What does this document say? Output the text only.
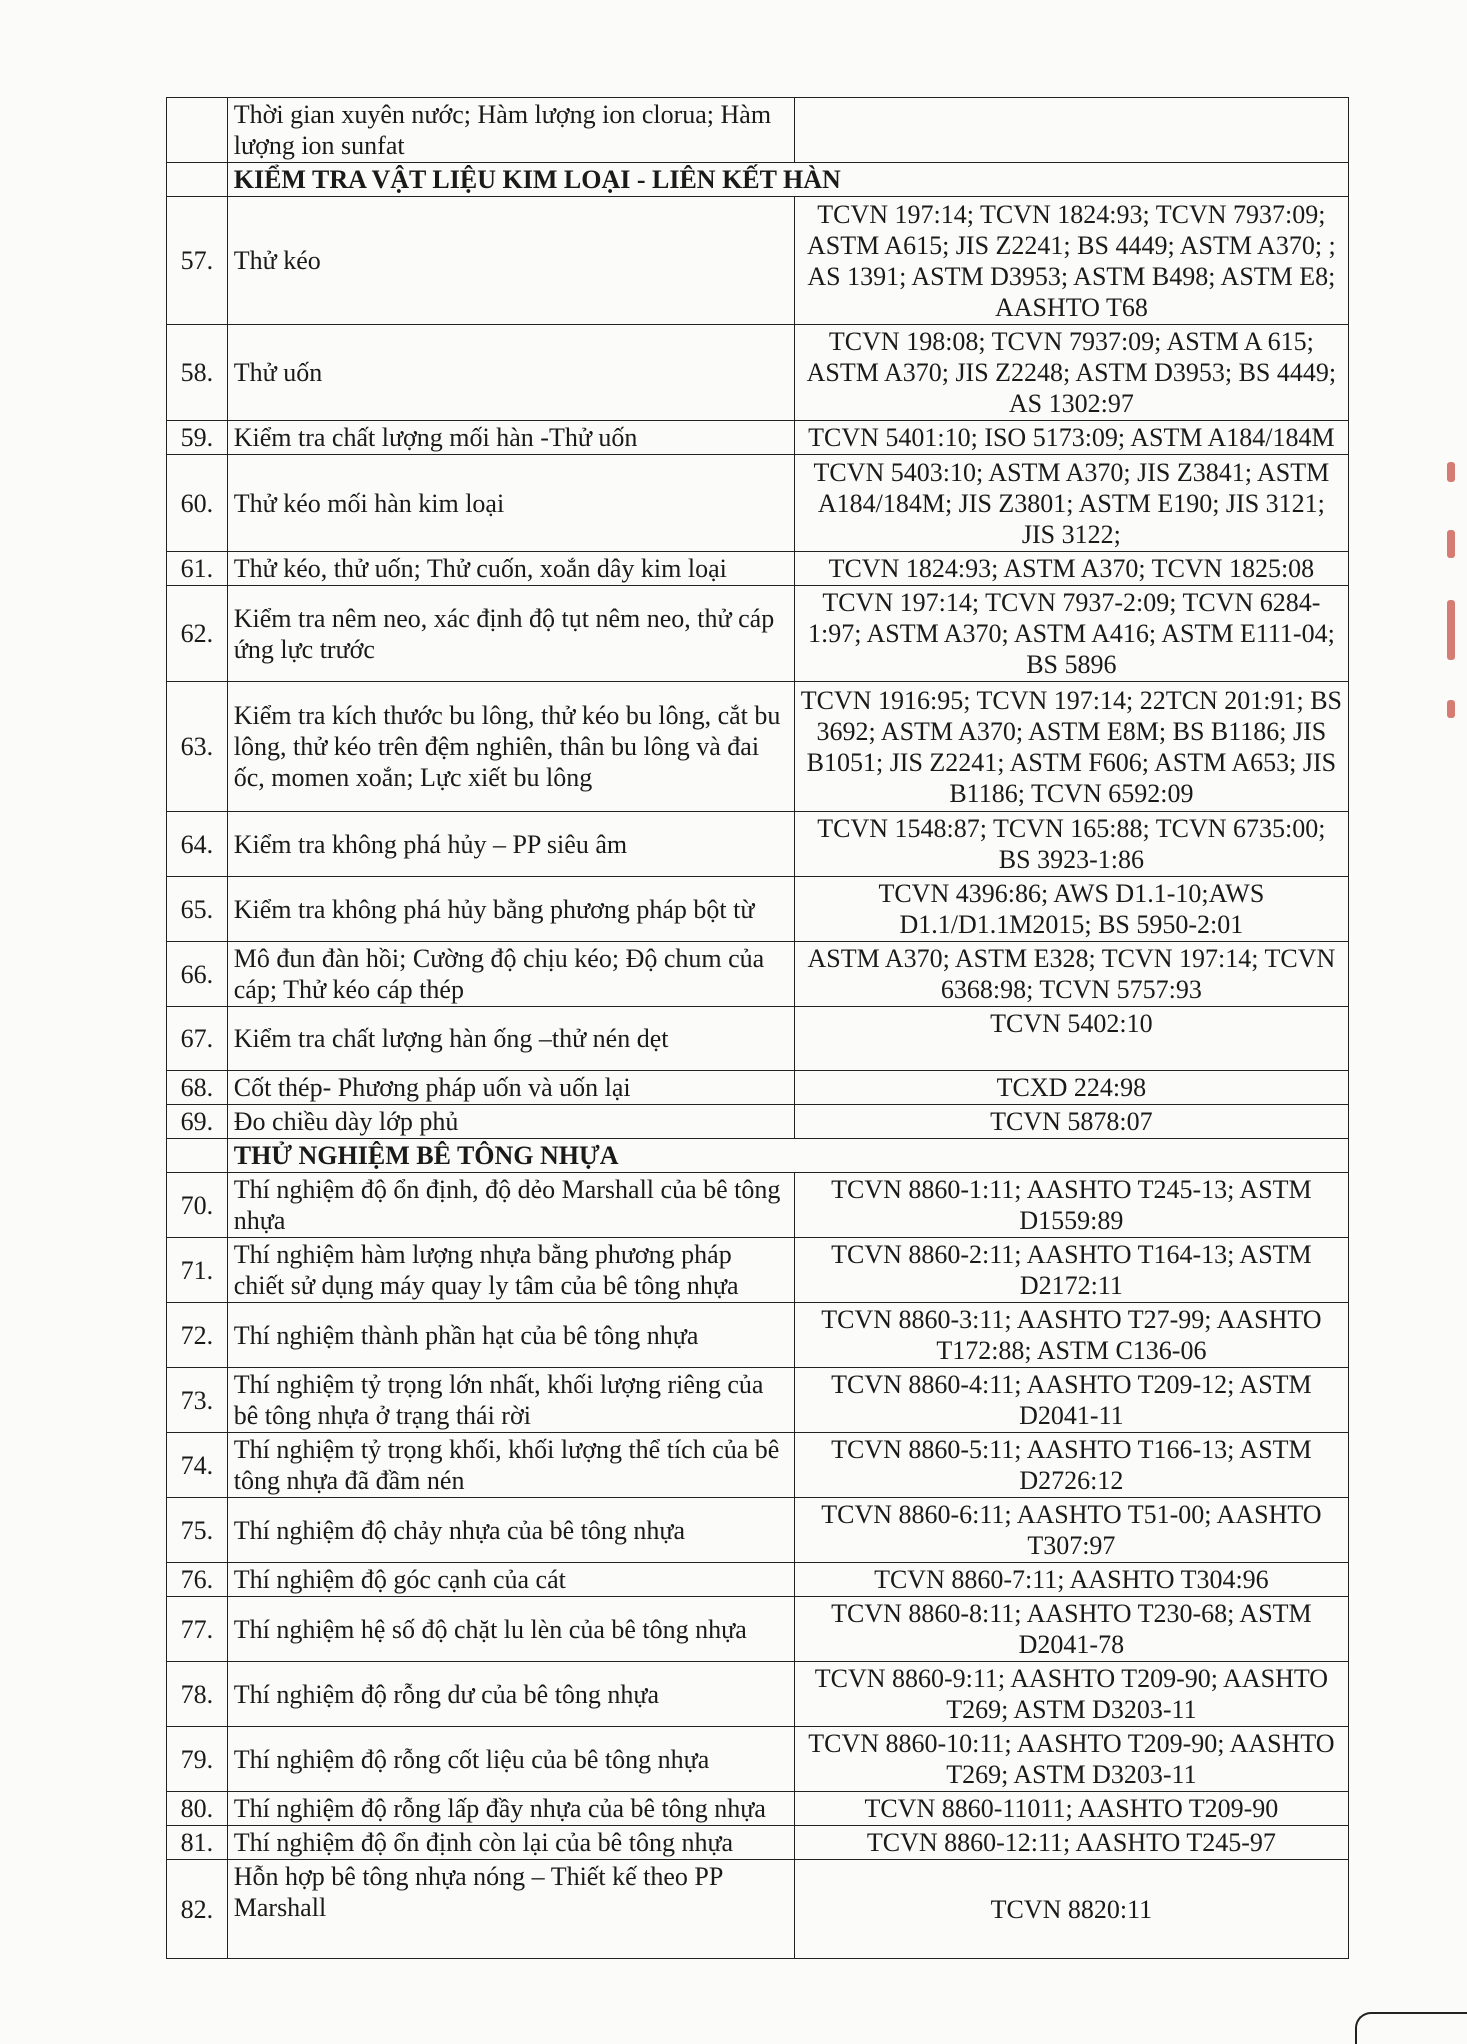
	Thời gian xuyên nước; Hàm lượng ion clorua; Hàm lượng ion sunfat	
	KIỂM TRA VẬT LIỆU KIM LOẠI - LIÊN KẾT HÀN	
57.	Thử kéo	TCVN 197:14; TCVN 1824:93; TCVN 7937:09; ASTM A615; JIS Z2241; BS 4449; ASTM A370; ; AS 1391; ASTM D3953; ASTM B498; ASTM E8; AASHTO T68
58.	Thử uốn	TCVN 198:08; TCVN 7937:09; ASTM A 615; ASTM A370; JIS Z2248; ASTM D3953; BS 4449; AS 1302:97
59.	Kiểm tra chất lượng mối hàn -Thử uốn	TCVN 5401:10; ISO 5173:09; ASTM A184/184M
60.	Thử kéo mối hàn kim loại	TCVN 5403:10; ASTM A370; JIS Z3841; ASTM A184/184M; JIS Z3801; ASTM E190; JIS 3121; JIS 3122;
61.	Thử kéo, thử uốn; Thử cuốn, xoắn dây kim loại	TCVN 1824:93; ASTM A370; TCVN 1825:08
62.	Kiểm tra nêm neo, xác định độ tụt nêm neo, thử cáp ứng lực trước	TCVN 197:14; TCVN 7937-2:09; TCVN 6284-1:97; ASTM A370; ASTM A416; ASTM E111-04; BS 5896
63.	Kiểm tra kích thước bu lông, thử kéo bu lông, cắt bu lông, thử kéo trên đệm nghiên, thân bu lông và đai ốc, momen xoắn; Lực xiết bu lông	TCVN 1916:95; TCVN 197:14; 22TCN 201:91; BS 3692; ASTM A370; ASTM E8M; BS B1186; JIS B1051; JIS Z2241; ASTM F606; ASTM A653; JIS B1186; TCVN 6592:09
64.	Kiểm tra không phá hủy – PP siêu âm	TCVN 1548:87; TCVN 165:88; TCVN 6735:00; BS 3923-1:86
65.	Kiểm tra không phá hủy bằng phương pháp bột từ	TCVN 4396:86; AWS D1.1-10;AWS D1.1/D1.1M2015; BS 5950-2:01
66.	Mô đun đàn hồi; Cường độ chịu kéo; Độ chum của cáp; Thử kéo cáp thép	ASTM A370; ASTM E328; TCVN 197:14; TCVN 6368:98; TCVN 5757:93
67.	Kiểm tra chất lượng hàn ống –thử nén dẹt	TCVN 5402:10
68.	Cốt thép- Phương pháp uốn và uốn lại	TCXD 224:98
69.	Đo chiều dày lớp phủ	TCVN 5878:07
	THỬ NGHIỆM BÊ TÔNG NHỰA	
70.	Thí nghiệm độ ổn định, độ dẻo Marshall của bê tông nhựa	TCVN 8860-1:11; AASHTO T245-13; ASTM D1559:89
71.	Thí nghiệm hàm lượng nhựa bằng phương pháp chiết sử dụng máy quay ly tâm của bê tông nhựa	TCVN 8860-2:11; AASHTO T164-13; ASTM D2172:11
72.	Thí nghiệm thành phần hạt của bê tông nhựa	TCVN 8860-3:11; AASHTO T27-99; AASHTO T172:88; ASTM C136-06
73.	Thí nghiệm tỷ trọng lớn nhất, khối lượng riêng của bê tông nhựa ở trạng thái rời	TCVN 8860-4:11; AASHTO T209-12; ASTM D2041-11
74.	Thí nghiệm tỷ trọng khối, khối lượng thể tích của bê tông nhựa đã đầm nén	TCVN 8860-5:11; AASHTO T166-13; ASTM D2726:12
75.	Thí nghiệm độ chảy nhựa của bê tông nhựa	TCVN 8860-6:11; AASHTO T51-00; AASHTO T307:97
76.	Thí nghiệm độ góc cạnh của cát	TCVN 8860-7:11; AASHTO T304:96
77.	Thí nghiệm hệ số độ chặt lu lèn của bê tông nhựa	TCVN 8860-8:11; AASHTO T230-68; ASTM D2041-78
78.	Thí nghiệm độ rỗng dư của bê tông nhựa	TCVN 8860-9:11; AASHTO T209-90; AASHTO T269; ASTM D3203-11
79.	Thí nghiệm độ rỗng cốt liệu của bê tông nhựa	TCVN 8860-10:11; AASHTO T209-90; AASHTO T269; ASTM D3203-11
80.	Thí nghiệm độ rỗng lấp đầy nhựa của bê tông nhựa	TCVN 8860-11011; AASHTO T209-90
81.	Thí nghiệm độ ổn định còn lại của bê tông nhựa	TCVN 8860-12:11; AASHTO T245-97
82.	Hỗn hợp bê tông nhựa nóng – Thiết kế theo PP Marshall	TCVN 8820:11
